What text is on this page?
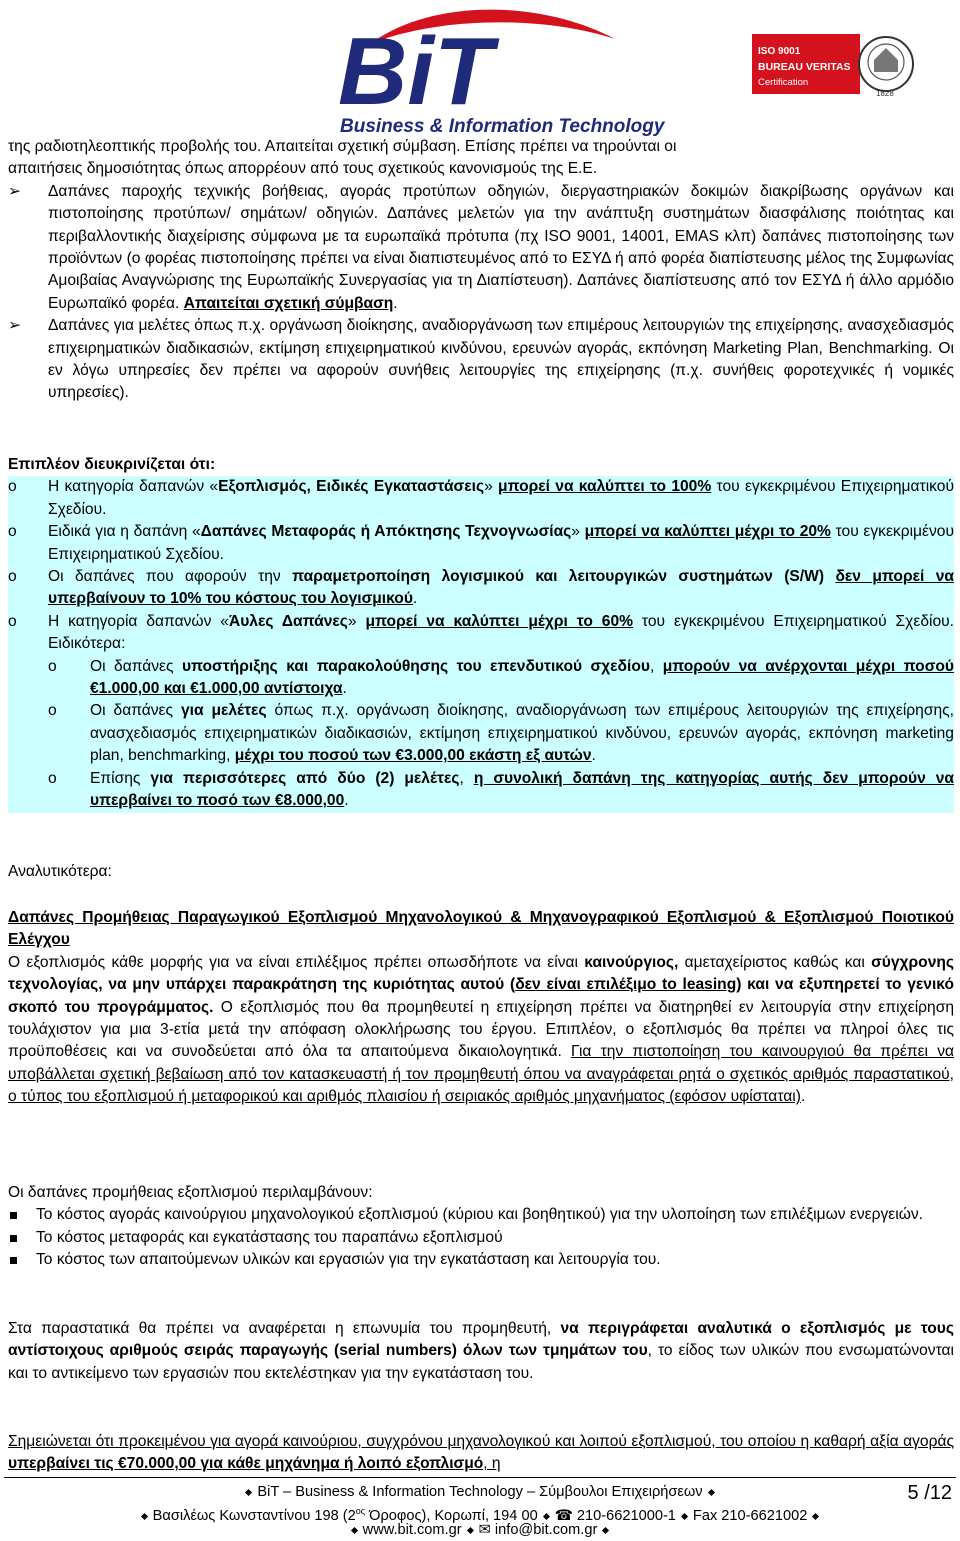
BiT
Business & Information Technology
ISO 9001
BUREAU VERITAS
Certification
1828

της ραδιοτηλεοπτικής προβολής του. Απαιτείται σχετική σύμβαση. Επίσης πρέπει να τηρούνται οι

απαιτήσεις δημοσιότητας όπως απορρέουν από τους σχετικούς κανονισμούς της Ε.Ε.

➢ Δαπάνες παροχής τεχνικής βοήθειας, αγοράς προτύπων οδηγιών, διεργαστηριακών δοκιμών διακρίβωσης οργάνων και πιστοποίησης προτύπων/ σημάτων/ οδηγιών. Δαπάνες μελετών για την ανάπτυξη συστημάτων διασφάλισης ποιότητας και περιβαλλοντικής διαχείρισης σύμφωνα με τα ευρωπαϊκά πρότυπα (πχ ISO 9001, 14001, EMAS κλπ) δαπάνες πιστοποίησης των προϊόντων (ο φορέας πιστοποίησης πρέπει να είναι διαπιστευμένος από το ΕΣΥΔ ή από φορέα διαπίστευσης μέλος της Συμφωνίας Αμοιβαίας Αναγνώρισης της Ευρωπαϊκής Συνεργασίας για τη Διαπίστευση). Δαπάνες διαπίστευσης από τον ΕΣΥΔ ή άλλο αρμόδιο Ευρωπαϊκό φορέα. Απαιτείται σχετική σύμβαση.
➢ Δαπάνες για μελέτες όπως π.χ. οργάνωση διοίκησης, αναδιοργάνωση των επιμέρους λειτουργιών της επιχείρησης, ανασχεδιασμός επιχειρηματικών διαδικασιών, εκτίμηση επιχειρηματικού κινδύνου, ερευνών αγοράς, εκπόνηση Marketing Plan, Benchmarking. Οι εν λόγω υπηρεσίες δεν πρέπει να αφορούν συνήθεις λειτουργίες της επιχείρησης (π.χ. συνήθεις φοροτεχνικές ή νομικές υπηρεσίες).

Επιπλέον διευκρινίζεται ότι:

o Η κατηγορία δαπανών «Εξοπλισμός, Ειδικές Εγκαταστάσεις» μπορεί να καλύπτει το 100% του εγκεκριμένου Επιχειρηματικού Σχεδίου.
o Ειδικά για η δαπάνη «Δαπάνες Μεταφοράς ή Απόκτησης Τεχνογνωσίας» μπορεί να καλύπτει μέχρι το 20% του εγκεκριμένου Επιχειρηματικού Σχεδίου.
o Οι δαπάνες που αφορούν την παραμετροποίηση λογισμικού και λειτουργικών συστημάτων (S/W) δεν μπορεί να υπερβαίνουν το 10% του κόστους του λογισμικού.
o Η κατηγορία δαπανών «Άυλες Δαπάνες» μπορεί να καλύπτει μέχρι το 60% του εγκεκριμένου Επιχειρηματικού Σχεδίου. Ειδικότερα:
o Οι δαπάνες υποστήριξης και παρακολούθησης του επενδυτικού σχεδίου, μπορούν να ανέρχονται μέχρι ποσού €1.000,00 και €1.000,00 αντίστοιχα.
o Οι δαπάνες για μελέτες όπως π.χ. οργάνωση διοίκησης, αναδιοργάνωση των επιμέρους λειτουργιών της επιχείρησης, ανασχεδιασμός επιχειρηματικών διαδικασιών, εκτίμηση επιχειρηματικού κινδύνου, ερευνών αγοράς, εκπόνηση marketing plan, benchmarking, μέχρι του ποσού των €3.000,00 εκάστη εξ αυτών.
o Επίσης για περισσότερες από δύο (2) μελέτες, η συνολική δαπάνη της κατηγορίας αυτής δεν μπορούν να υπερβαίνει το ποσό των €8.000,00.
Αναλυτικότερα:

Δαπάνες Προμήθειας Παραγωγικού Εξοπλισμού Μηχανολογικού & Μηχανογραφικού Εξοπλισμού & Εξοπλισμού Ποιοτικού Ελέγχου

Ο εξοπλισμός κάθε μορφής για να είναι επιλέξιμος πρέπει οπωσδήποτε να είναι καινούργιος, αμεταχείριστος καθώς και σύγχρονης τεχνολογίας, να μην υπάρχει παρακράτηση της κυριότητας αυτού (δεν είναι επιλέξιμο to leasing) και να εξυπηρετεί το γενικό σκοπό του προγράμματος. Ο εξοπλισμός που θα προμηθευτεί η επιχείρηση πρέπει να διατηρηθεί εν λειτουργία στην επιχείρηση τουλάχιστον για μια 3-ετία μετά την απόφαση ολοκλήρωσης του έργου. Επιπλέον, ο εξοπλισμός θα πρέπει να πληροί όλες τις προϋποθέσεις και να συνοδεύεται από όλα τα απαιτούμενα δικαιολογητικά. Για την πιστοποίηση του καινουργιού θα πρέπει να υποβάλλεται σχετική βεβαίωση από τον κατασκευαστή ή τον προμηθευτή όπου να αναγράφεται ρητά ο σχετικός αριθμός παραστατικού, ο τύπος του εξοπλισμού ή μεταφορικού και αριθμός πλαισίου ή σειριακός αριθμός μηχανήματος (εφόσον υφίσταται).

Οι δαπάνες προμήθειας εξοπλισμού περιλαμβάνουν:

Το κόστος αγοράς καινούργιου μηχανολογικού εξοπλισμού (κύριου και βοηθητικού) για την υλοποίηση των επιλέξιμων ενεργειών.
Το κόστος μεταφοράς και εγκατάστασης του παραπάνω εξοπλισμού
Το κόστος των απαιτούμενων υλικών και εργασιών για την εγκατάσταση και λειτουργία του.

Στα παραστατικά θα πρέπει να αναφέρεται η επωνυμία του προμηθευτή, να περιγράφεται αναλυτικά ο εξοπλισμός με τους αντίστοιχους αριθμούς σειράς παραγωγής (serial numbers) όλων των τμημάτων του, το είδος των υλικών που ενσωματώνονται και το αντικείμενο των εργασιών που εκτελέστηκαν για την εγκατάσταση του.

Σημειώνεται ότι προκειμένου για αγορά καινούριου, συγχρόνου μηχανολογικού και λοιπού εξοπλισμού, του οποίου η καθαρή αξία αγοράς υπερβαίνει τις €70.000,00 για κάθε μηχάνημα ή λοιπό εξοπλισμό, η

BiT – Business & Information Technology – Σύμβουλοι Επιχειρήσεων
Βασιλέως Κωνσταντίνου 198 ($2^{o\varsigma}$ Όροφος), Κορωπί, 194 00 ☎ 210-6621000-1 Fax 210-6621002
www.bit.com.gr ✉ info@bit.com.gr
5 /12
